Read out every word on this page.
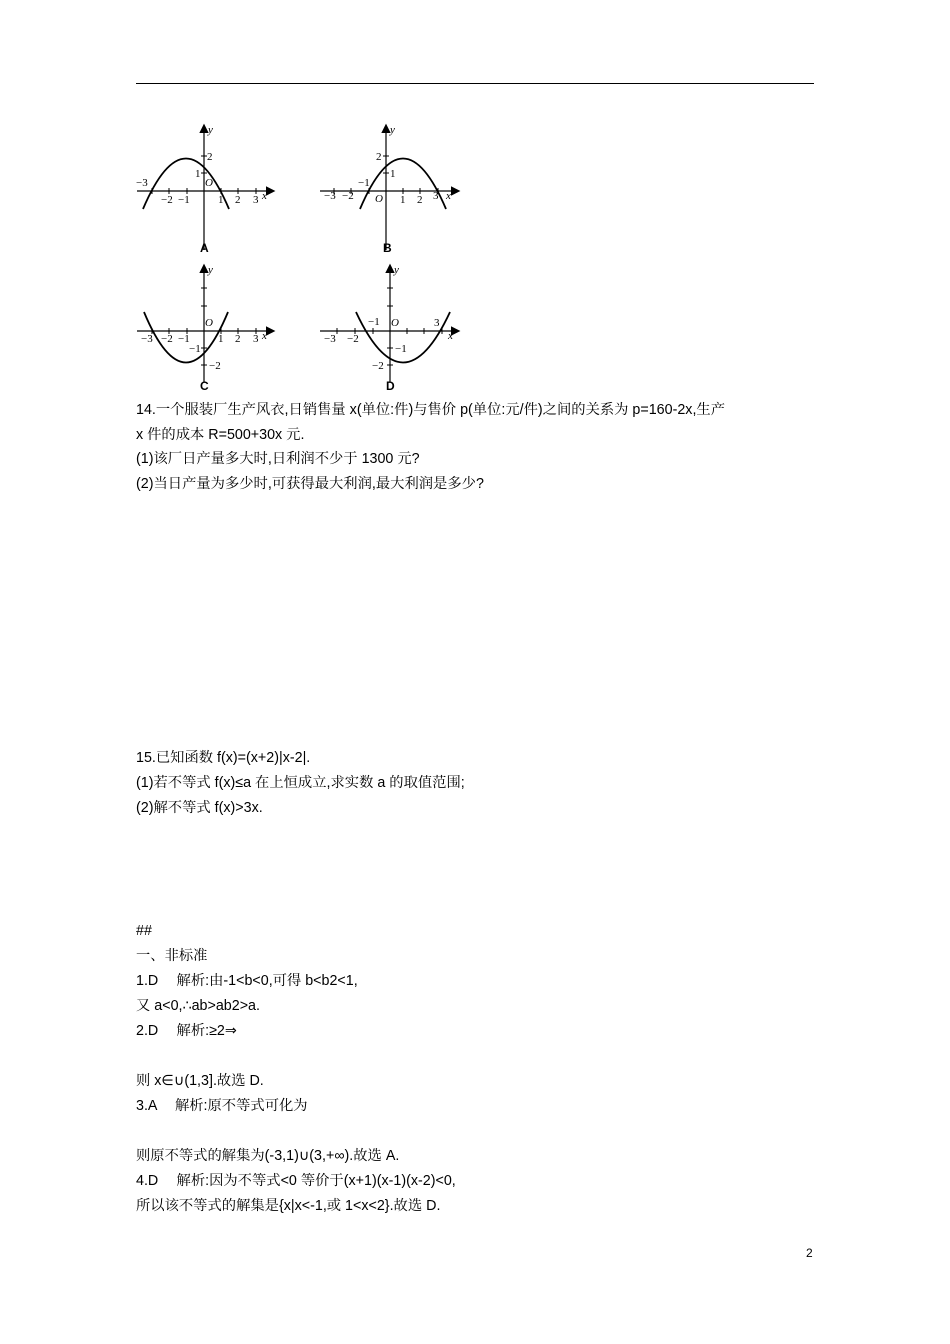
x
y
O
−3
−2 −1	1 2 3
2
1
A
x
y
O
−3 −2
−1
1 2 3
2
1
B
x
y
O
−3 −2 −1	1 2 3
−1
−2
C
x
y
O
−3 −2
3
−1
−1
−2
D
14.一个服装厂生产风衣,日销售量 x(单位:件)与售价 p(单位:元/件)之间的关系为 p=160-2x,生产
x 件的成本 R=500+30x 元.
(1)该厂日产量多大时,日利润不少于 1300 元?
(2)当日产量为多少时,可获得最大利润,最大利润是多少?
15.已知函数 f(x)=(x+2)|x-2|.
(1)若不等式 f(x)≤a 在上恒成立,求实数 a 的取值范围;
(2)解不等式 f(x)>3x.
##
一、非标准
1.D　 解析:由-1<b<0,可得 b<b2<1,
又 a<0,∴ab>ab2>a.
2.D　 解析:≥2⇒
则 x∈∪(1,3].故选 D.
3.A　 解析:原不等式可化为
则原不等式的解集为(-3,1)∪(3,+∞).故选 A.
4.D　 解析:因为不等式<0 等价于(x+1)(x-1)(x-2)<0,
所以该不等式的解集是{x|x<-1,或 1<x<2}.故选 D.
2
